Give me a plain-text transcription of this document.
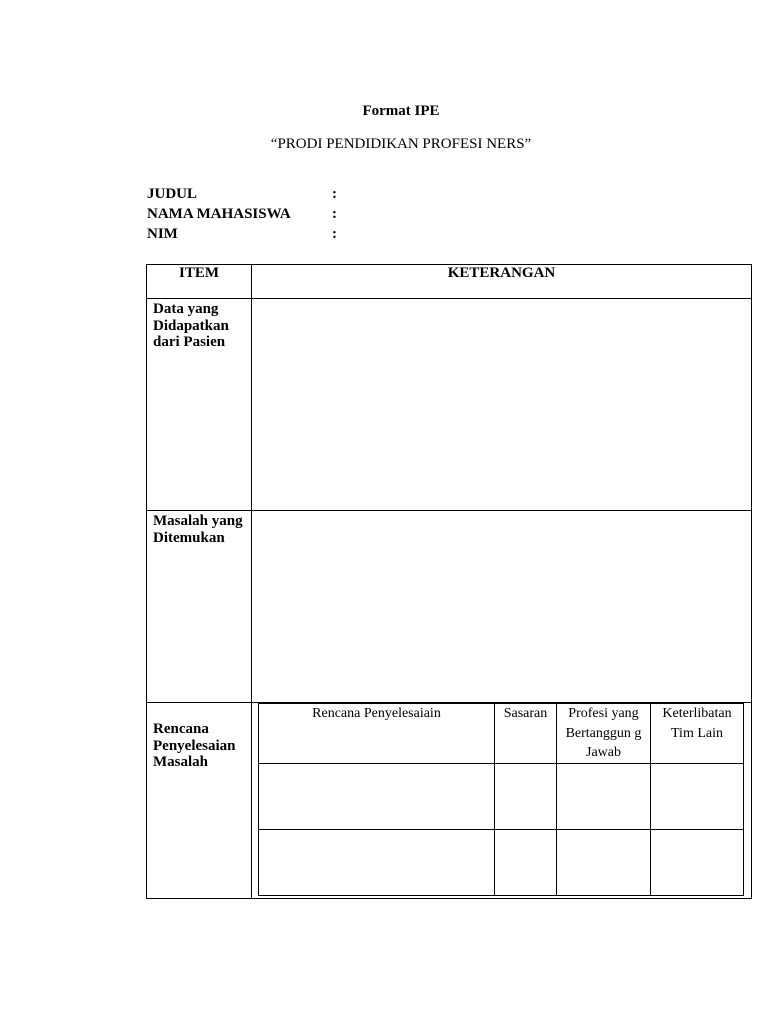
Format IPE
“PRODI PENDIDIKAN PROFESI NERS”
JUDUL	:
NAMA MAHASISWA	:
NIM	:
ITEM	KETERANGAN
Data yang Didapatkan dari Pasien	
Masalah yang Ditemukan	
Rencana Penyelesaian Masalah	
Rencana Penyelesaiain	Sasaran	Profesi yang Bertanggun g Jawab	Keterlibatan Tim Lain
